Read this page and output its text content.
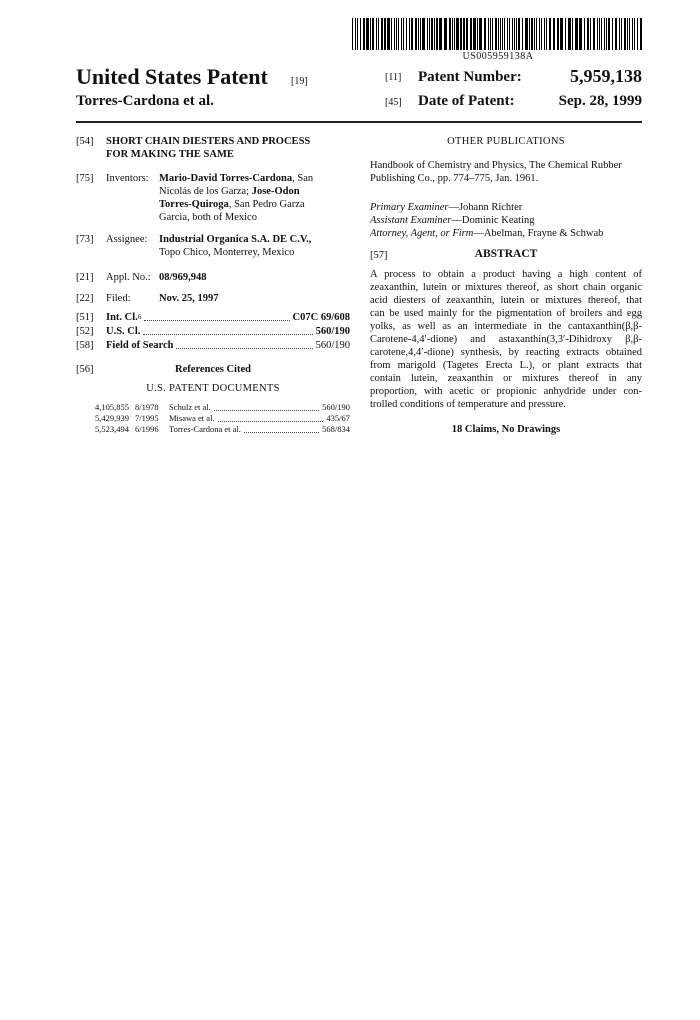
US005959138A
United States Patent [19]
Torres-Cardona et al.
[11] Patent Number:	5,959,138
[45] Date of Patent:	Sep. 28, 1999
[54] SHORT CHAIN DIESTERS AND PROCESS
FOR MAKING THE SAME
[75] Inventors: Mario-David Torres-Cardona, San
Nicolás de los Garza; Jose-Odon
Torres-Quiroga, San Pedro Garza
Garcia, both of Mexico
[73] Assignee: Industrial Organica S.A. DE C.V.,
Topo Chico, Monterrey, Mexico
[21] Appl. No.: 08/969,948
[22] Filed:	Nov. 25, 1997
[51] Int. Cl. 6	C07C 69/608
[52] U.S. Cl.	560/190
[58] Field of Search	560/190
[56]	References Cited
U.S. PATENT DOCUMENTS
4,105,855 8/1978	Schulz et al.	560/190
5,429,939 7/1995	Misawa et al.	435/67
5,523,494 6/1996	Torres-Cardona et al.	568/834
OTHER PUBLICATIONS
Handbook of Chemistry and Physics, The Chemical Rubber
Publishing Co., pp. 774–775, Jan. 1961.
Primary Examiner—Johann Richter
Assistant Examiner—Dominic Keating
Attorney, Agent, or Firm—Abelman, Frayne & Schwab
[57]	ABSTRACT
A process to obtain a product having a high content of
zeaxanthin, lutein or mixtures thereof, as short chain organic
acid diesters of zeaxanthin, lutein or mixtures thereof, that
can be used mainly for the pigmentation of broilers and egg
yolks, as well as an intermediate in the cantaxanthin(β,β-
Carotene-4,4′-dione) and astaxanthin(3,3′-Dihidroxy β,β-
carotene,4,4′-dione) synthesis, by reacting extracts obtained
from marigold (Tagetes Erecta L.), or plant extracts that
contain lutein, zeaxanthin or mixtures thereof in any
proportion, with acetic or propionic anhydride under con-
trolled conditions of temperature and pressure.
18 Claims, No Drawings
